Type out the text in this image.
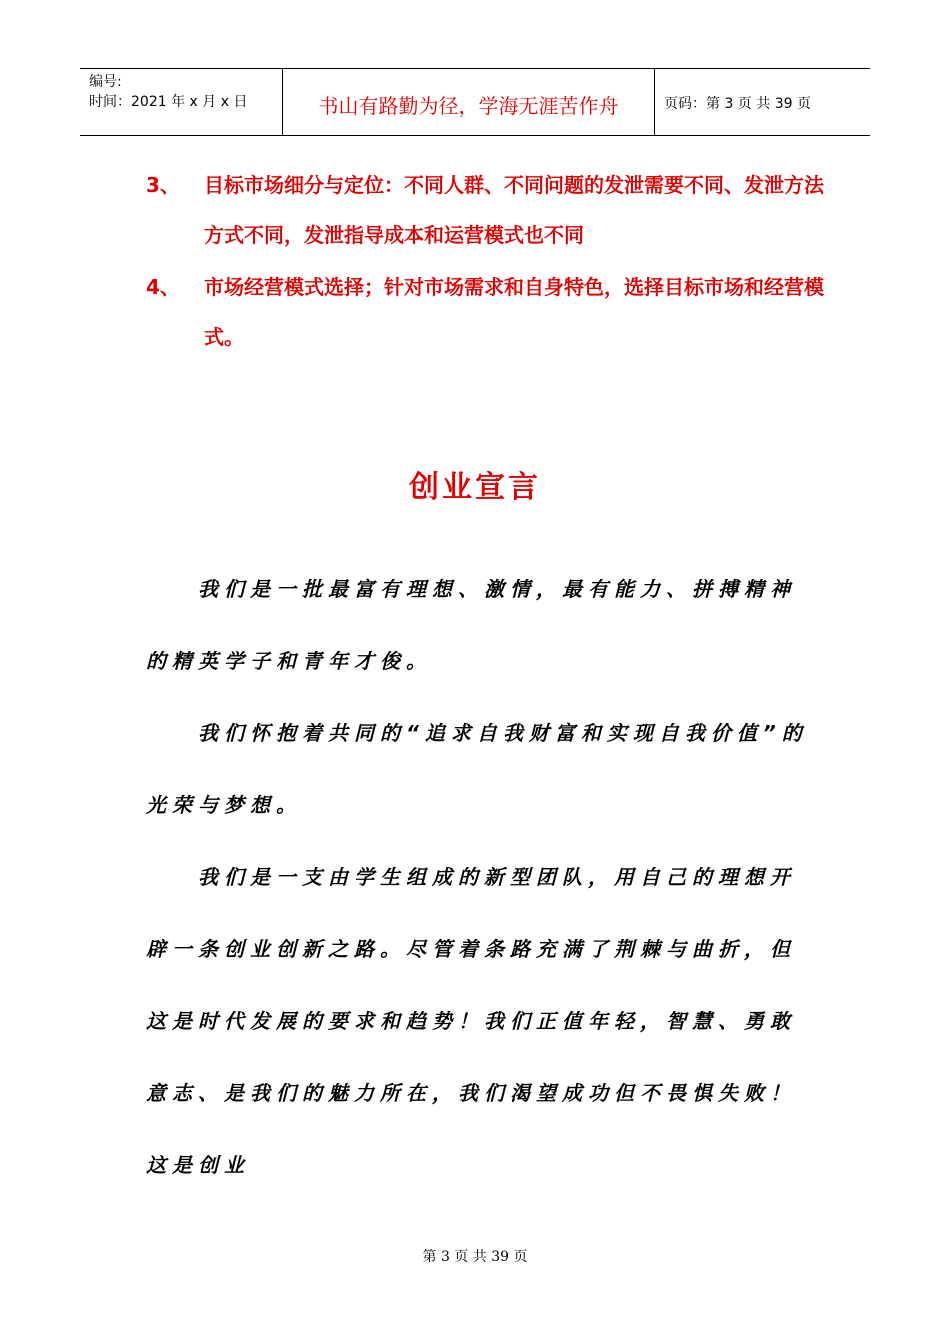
编号:
时间：2021 年 x 月 x 日	书山有路勤为径，学海无涯苦作舟	页码：第 3 页 共 39 页
3、 目标市场细分与定位：不同人群、不同问题的发泄需要不同、发泄方法方式不同，发泄指导成本和运营模式也不同
4、 市场经营模式选择；针对市场需求和自身特色，选择目标市场和经营模式。
创业宣言

我们是一批最富有理想、激情，最有能力、拼搏精神的精英学子和青年才俊。

我们怀抱着共同的“追求自我财富和实现自我价值”的光荣与梦想。

我们是一支由学生组成的新型团队，用自己的理想开辟一条创业创新之路。尽管着条路充满了荆棘与曲折，但这是时代发展的要求和趋势！我们正值年轻，智慧、勇敢意志、是我们的魅力所在，我们渴望成功但不畏惧失败！这是创业

第 3 页 共 39 页
